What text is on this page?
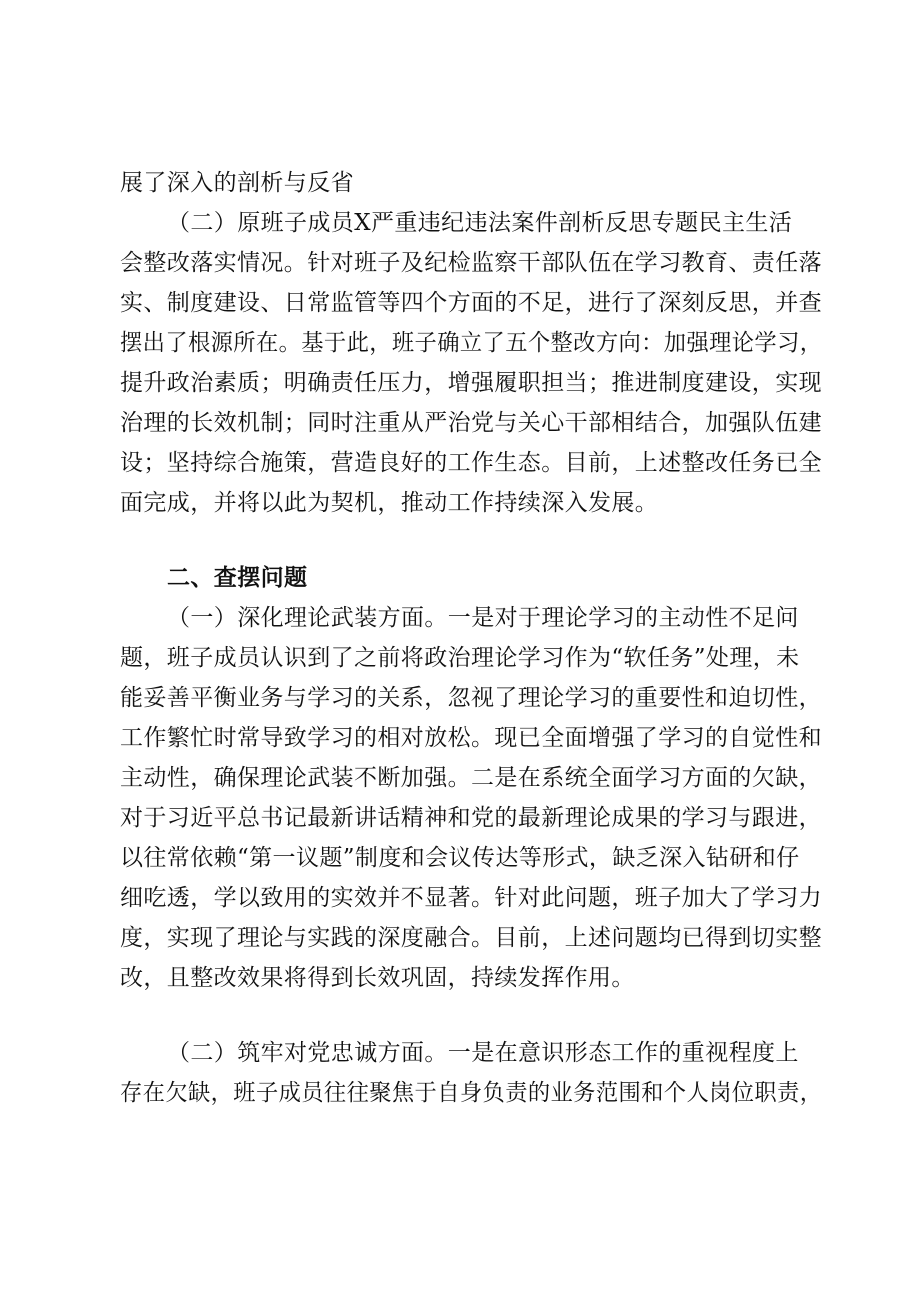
展了深入的剖析与反省
（二）原班子成员X严重违纪违法案件剖析反思专题民主生活
会整改落实情况。针对班子及纪检监察干部队伍在学习教育、责任落
实、制度建设、日常监管等四个方面的不足，进行了深刻反思，并查
摆出了根源所在。基于此，班子确立了五个整改方向：加强理论学习，
提升政治素质；明确责任压力，增强履职担当；推进制度建设，实现
治理的长效机制；同时注重从严治党与关心干部相结合，加强队伍建
设；坚持综合施策，营造良好的工作生态。目前，上述整改任务已全
面完成，并将以此为契机，推动工作持续深入发展。
二、查摆问题
（一）深化理论武装方面。一是对于理论学习的主动性不足问
题，班子成员认识到了之前将政治理论学习作为“软任务”处理，未
能妥善平衡业务与学习的关系，忽视了理论学习的重要性和迫切性，
工作繁忙时常导致学习的相对放松。现已全面增强了学习的自觉性和
主动性，确保理论武装不断加强。二是在系统全面学习方面的欠缺，
对于习近平总书记最新讲话精神和党的最新理论成果的学习与跟进，
以往常依赖“第一议题”制度和会议传达等形式，缺乏深入钻研和仔
细吃透，学以致用的实效并不显著。针对此问题，班子加大了学习力
度，实现了理论与实践的深度融合。目前，上述问题均已得到切实整
改，且整改效果将得到长效巩固，持续发挥作用。
（二）筑牢对党忠诚方面。一是在意识形态工作的重视程度上
存在欠缺，班子成员往往聚焦于自身负责的业务范围和个人岗位职责，
